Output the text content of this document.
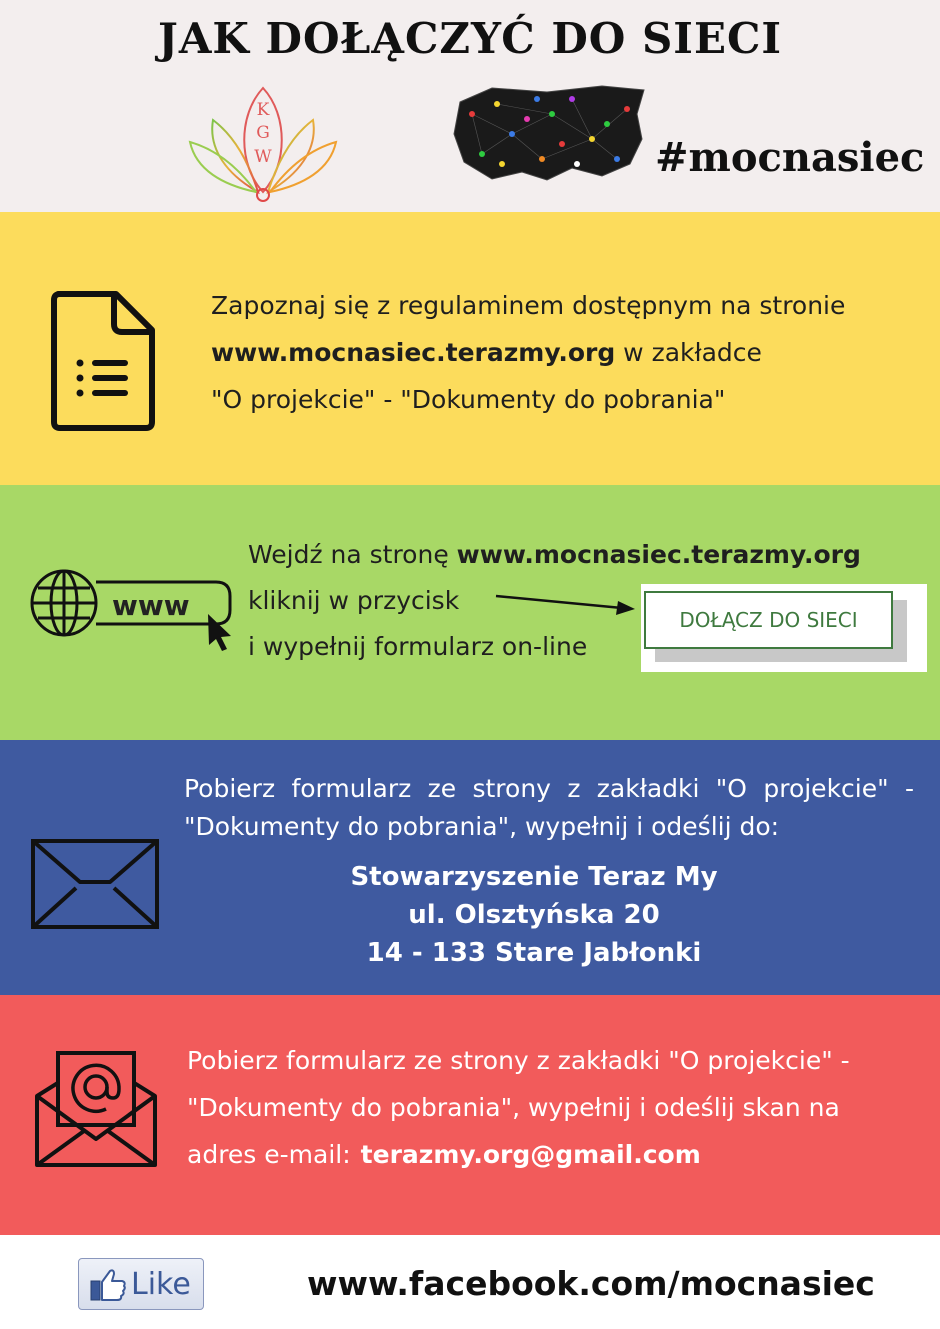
JAK DOŁĄCZYĆ DO SIECI
K
G
W	#mocnasiec
Zapoznaj się z regulaminem dostępnym na stronie
www.mocnasiec.terazmy.org w zakładce
"O projekcie" - "Dokumenty do pobrania"
www
Wejdź na stronę www.mocnasiec.terazmy.org
kliknij w przycisk
i wypełnij formularz on-line
DOŁĄCZ DO SIECI
Pobierz formularz ze strony z zakładki "O projekcie" - "Dokumenty do pobrania", wypełnij i odeślij do:
Stowarzyszenie Teraz My
ul. Olsztyńska 20
14 - 133 Stare Jabłonki
Pobierz formularz ze strony z zakładki "O projekcie" -
"Dokumenty do pobrania", wypełnij i odeślij skan na
adres e-mail: terazmy.org@gmail.com
Like	www.facebook.com/mocnasiec
